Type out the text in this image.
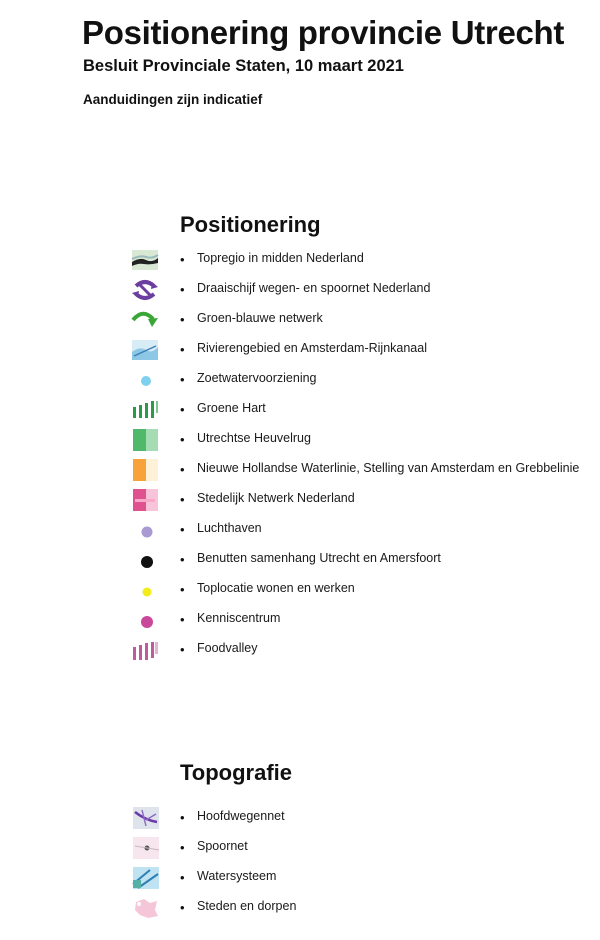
Positionering provincie Utrecht
Besluit Provinciale Staten, 10 maart 2021
Aanduidingen zijn indicatief
Positionering
• Topregio in midden Nederland
• Draaischijf wegen- en spoornet Nederland
• Groen-blauwe netwerk
• Rivierengebied en Amsterdam-Rijnkanaal
• Zoetwatervoorziening
• Groene Hart
• Utrechtse Heuvelrug
• Nieuwe Hollandse Waterlinie, Stelling van Amsterdam en Grebbelinie
• Stedelijk Netwerk Nederland
• Luchthaven
• Benutten samenhang Utrecht en Amersfoort
• Toplocatie wonen en werken
• Kenniscentrum
• Foodvalley
Topografie
• Hoofdwegennet
• Spoornet
• Watersysteem
• Steden en dorpen
